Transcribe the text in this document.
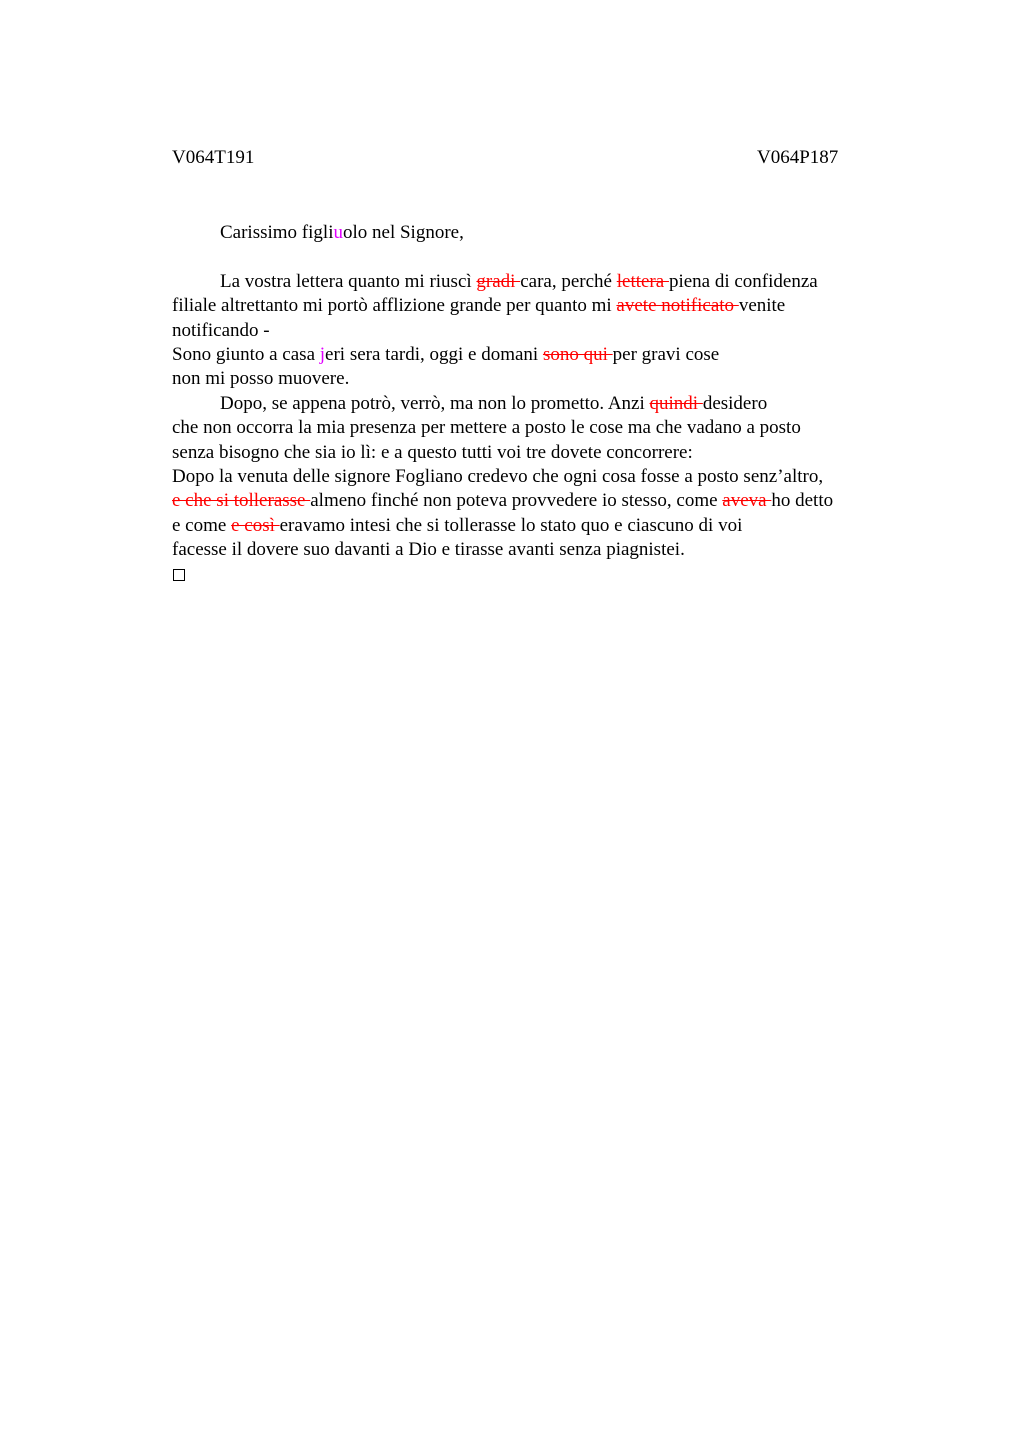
V064T191	V064P187
Carissimo figliuolo nel Signore,
La vostra lettera quanto mi riuscì gradi cara, perché lettera piena di confidenza
filiale altrettanto mi portò afflizione grande per quanto mi avete notificato venite
notificando -
Sono giunto a casa jeri sera tardi, oggi e domani sono qui per gravi cose
non mi posso muovere.
Dopo, se appena potrò, verrò, ma non lo prometto. Anzi quindi desidero
che non occorra la mia presenza per mettere a posto le cose ma che vadano a posto
senza bisogno che sia io lì: e a questo tutti voi tre dovete concorrere:
Dopo la venuta delle signore Fogliano credevo che ogni cosa fosse a posto senz’altro,
e che si tollerasse almeno finché non poteva provvedere io stesso, come aveva ho detto
e come e così eravamo intesi che si tollerasse lo stato quo e ciascuno di voi
facesse il dovere suo davanti a Dio e tirasse avanti senza piagnistei.
